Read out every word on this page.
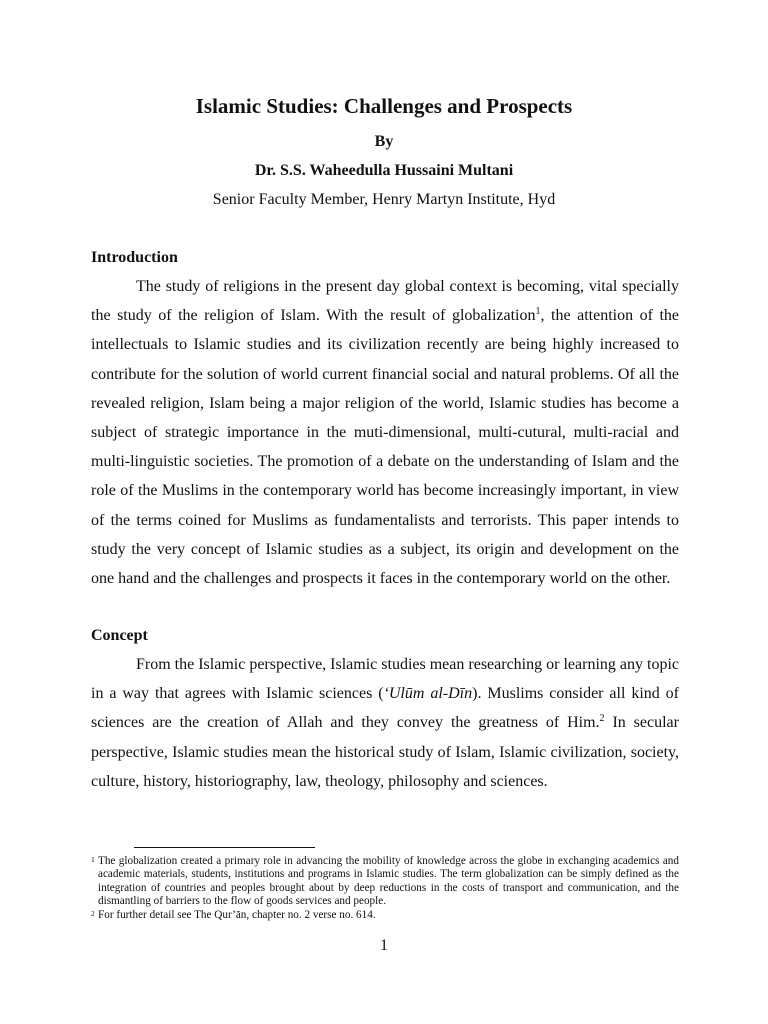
Islamic Studies: Challenges and Prospects
By
Dr. S.S. Waheedulla Hussaini Multani
Senior Faculty Member, Henry Martyn Institute, Hyd
Introduction
The study of religions in the present day global context is becoming, vital specially the study of the religion of Islam. With the result of globalization$^1$, the attention of the intellectuals to Islamic studies and its civilization recently are being highly increased to contribute for the solution of world current financial social and natural problems. Of all the revealed religion, Islam being a major religion of the world, Islamic studies has become a subject of strategic importance in the muti-dimensional, multi-cutural, multi-racial and multi-linguistic societies. The promotion of a debate on the understanding of Islam and the role of the Muslims in the contemporary world has become increasingly important, in view of the terms coined for Muslims as fundamentalists and terrorists. This paper intends to study the very concept of Islamic studies as a subject, its origin and development on the one hand and the challenges and prospects it faces in the contemporary world on the other.
Concept
From the Islamic perspective, Islamic studies mean researching or learning any topic in a way that agrees with Islamic sciences (‘Ulūm al-Dīn). Muslims consider all kind of sciences are the creation of Allah and they convey the greatness of Him.$^2$ In secular perspective, Islamic studies mean the historical study of Islam, Islamic civilization, society, culture, history, historiography, law, theology, philosophy and sciences.
1 The globalization created a primary role in advancing the mobility of knowledge across the globe in exchanging academics and academic materials, students, institutions and programs in Islamic studies. The term globalization can be simply defined as the integration of countries and peoples brought about by deep reductions in the costs of transport and communication, and the dismantling of barriers to the flow of goods services and people.
2 For further detail see The Qur’ān, chapter no. 2 verse no. 614.
1
